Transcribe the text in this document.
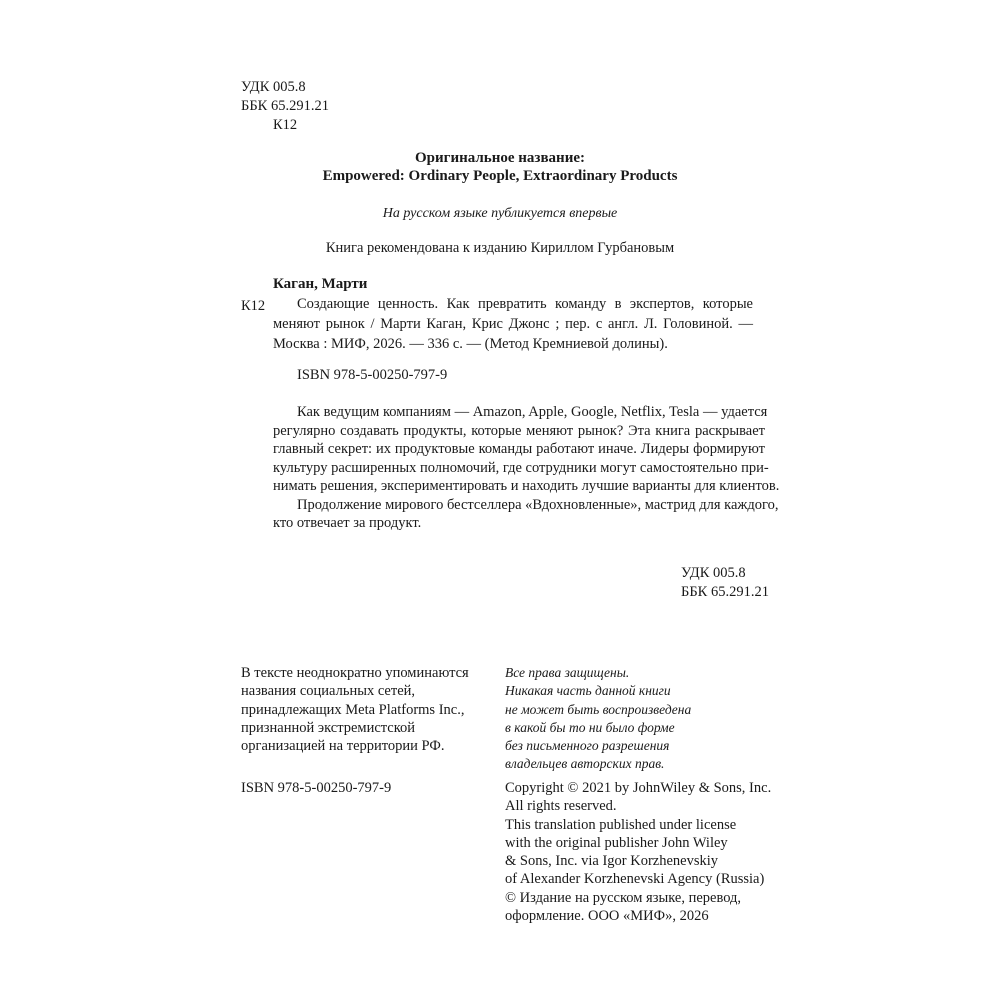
УДК 005.8
ББК 65.291.21
К12
Оригинальное название:
Empowered: Ordinary People, Extraordinary Products
На русском языке публикуется впервые
Книга рекомендована к изданию Кириллом Гурбановым
Каган, Марти
К12	Создающие ценность. Как превратить команду в экспертов, которые
меняют рынок / Марти Каган, Крис Джонс ; пер. с англ. Л. Головиной. —
Москва : МИФ, 2026. — 336 с. — (Метод Кремниевой долины).
ISBN 978-5-00250-797-9
Как ведущим компаниям — Amazon, Apple, Google, Netflix, Tesla — удается
регулярно создавать продукты, которые меняют рынок? Эта книга раскрывает
главный секрет: их продуктовые команды работают иначе. Лидеры формируют
культуру расширенных полномочий, где сотрудники могут самостоятельно при-
нимать решения, экспериментировать и находить лучшие варианты для клиентов.
Продолжение мирового бестселлера «Вдохновленные», мастрид для каждого,
кто отвечает за продукт.
УДК 005.8
ББК 65.291.21
В тексте неоднократно упоминаются
названия социальных сетей,
принадлежащих Meta Platforms Inc.,
признанной экстремистской
организацией на территории РФ.
Все права защищены.
Никакая часть данной книги
не может быть воспроизведена
в какой бы то ни было форме
без письменного разрешения
владельцев авторских прав.
ISBN 978-5-00250-797-9	Copyright © 2021 by JohnWiley & Sons, Inc.
All rights reserved.
This translation published under license
with the original publisher John Wiley
& Sons, Inc. via Igor Korzhenevskiy
of Alexander Korzhenevski Agency (Russia)
© Издание на русском языке, перевод,
оформление. ООО «МИФ», 2026
